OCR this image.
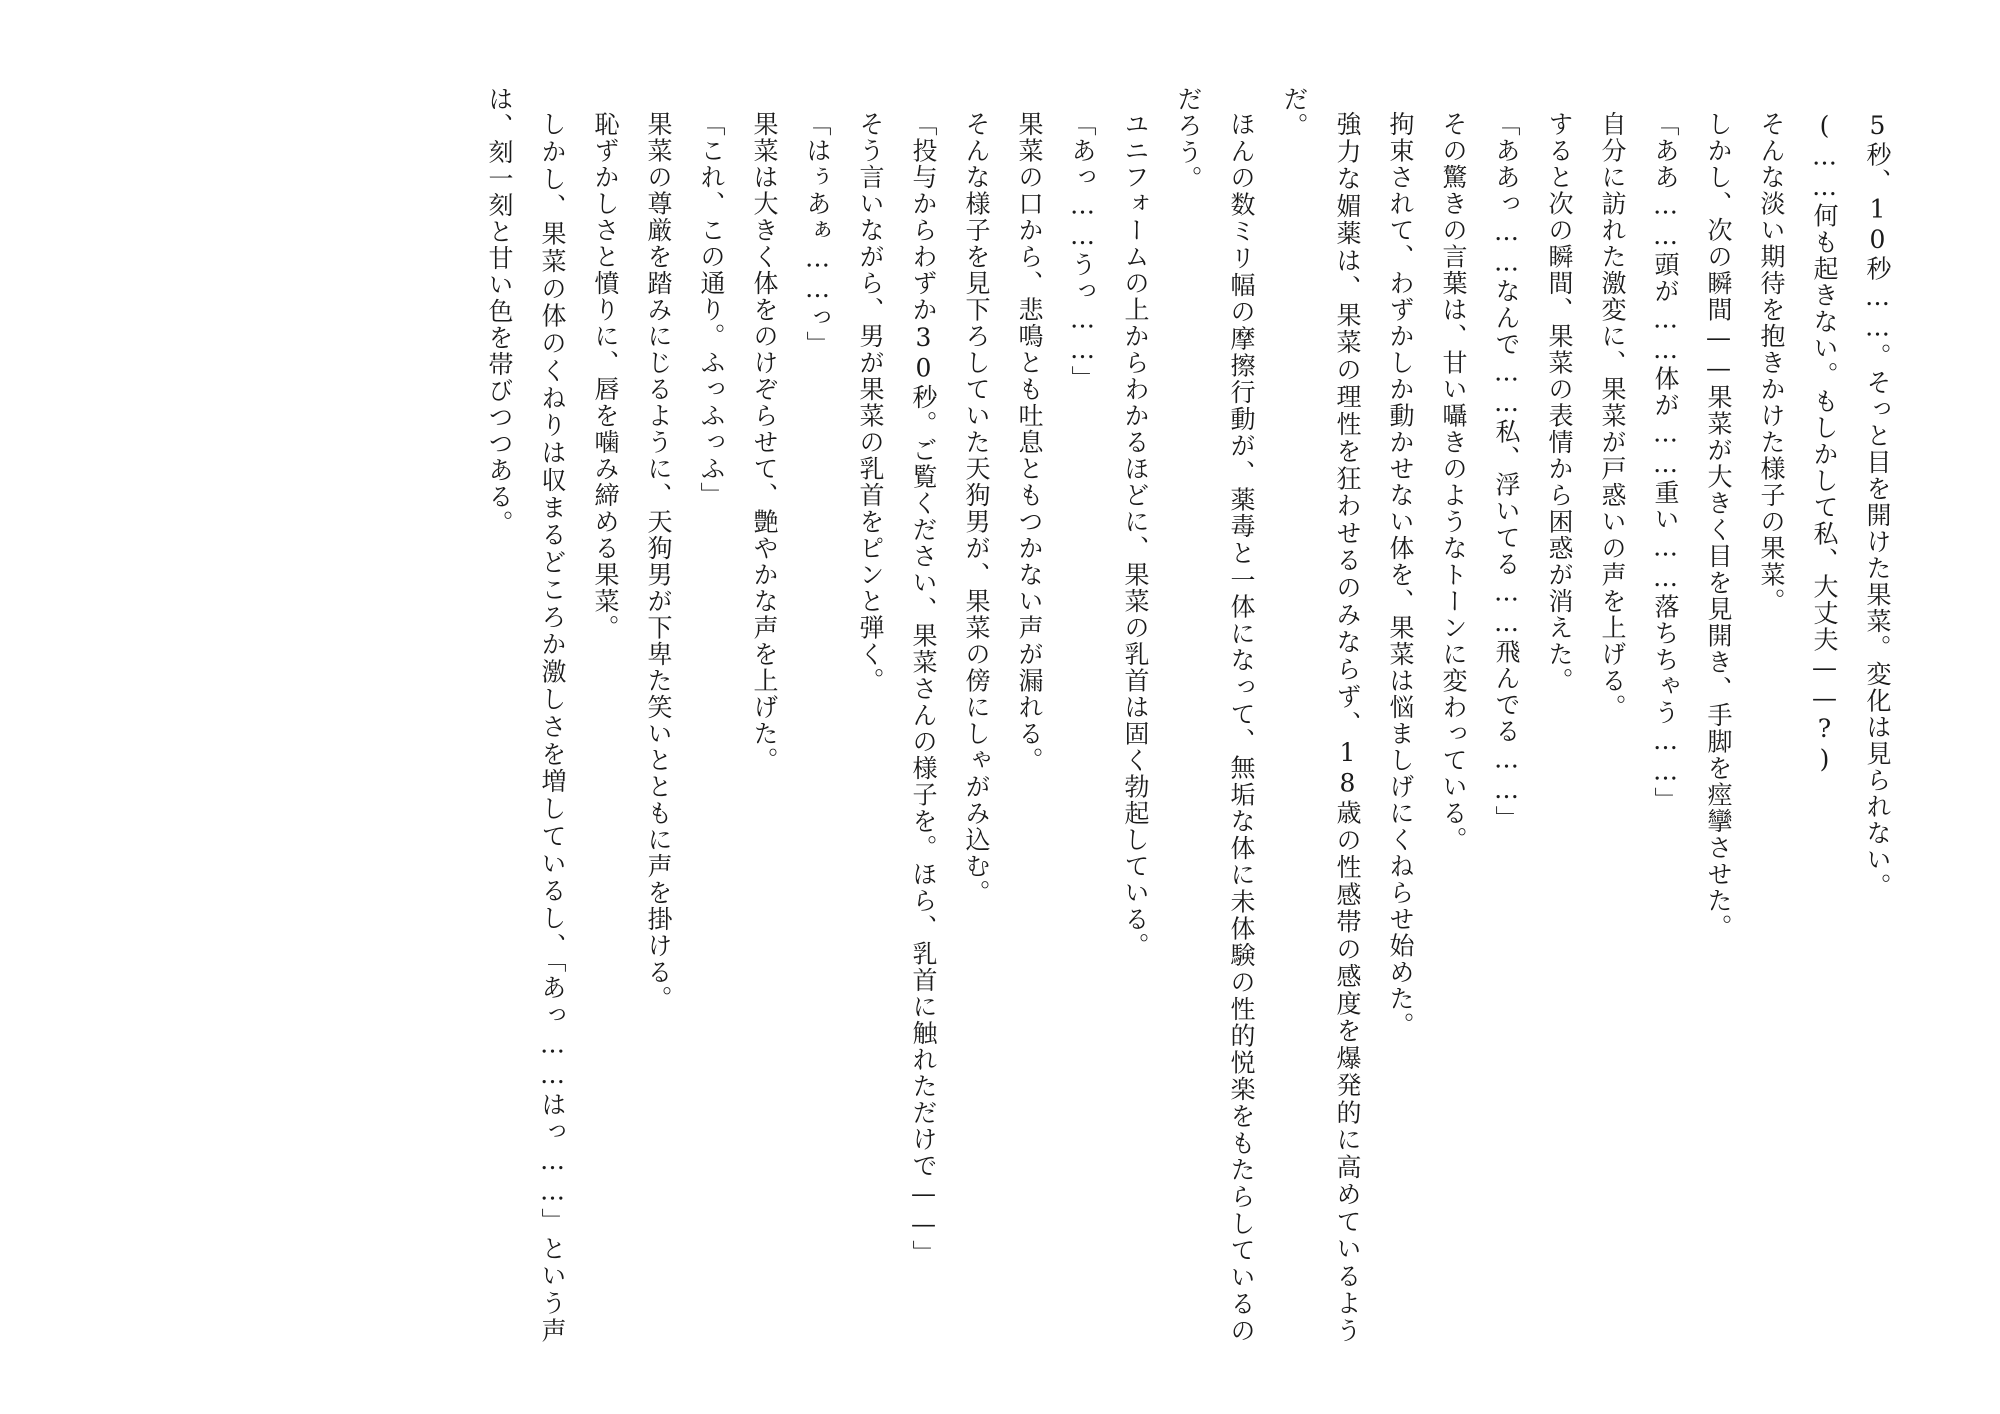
5秒、10秒……。そっと目を開けた果菜。変化は見られない。

(……何も起きない。もしかして私、大丈夫——?)

そんな淡い期待を抱きかけた様子の果菜。

しかし、次の瞬間——果菜が大きく目を見開き、手脚を痙攣させた。

「ああ……頭が……体が……重い……落ちちゃう……」

自分に訪れた激変に、果菜が戸惑いの声を上げる。

すると次の瞬間、果菜の表情から困惑が消えた。

「ああっ……なんで……私、浮いてる……飛んでる……」

その驚きの言葉は、甘い囁きのようなトーンに変わっている。

拘束されて、わずかしか動かせない体を、果菜は悩ましげにくねらせ始めた。

強力な媚薬は、果菜の理性を狂わせるのみならず、18歳の性感帯の感度を爆発的に高めているようだ。

ほんの数ミリ幅の摩擦行動が、薬毒と一体になって、無垢な体に未体験の性的悦楽をもたらしているのだろう。

ユニフォームの上からわかるほどに、果菜の乳首は固く勃起している。

「あっ……うっ……」

果菜の口から、悲鳴とも吐息ともつかない声が漏れる。

そんな様子を見下ろしていた天狗男が、果菜の傍にしゃがみ込む。

「投与からわずか30秒。ご覧ください、果菜さんの様子を。ほら、乳首に触れただけで——」

そう言いながら、男が果菜の乳首をピンと弾く。

「はぅあぁ……っ」

果菜は大きく体をのけぞらせて、艶やかな声を上げた。

「これ、この通り。ふっふっふ」

果菜の尊厳を踏みにじるように、天狗男が下卑た笑いとともに声を掛ける。

恥ずかしさと憤りに、唇を噛み締める果菜。

しかし、果菜の体のくねりは収まるどころか激しさを増しているし、「あっ……はっ……」という声は、刻一刻と甘い色を帯びつつある。
